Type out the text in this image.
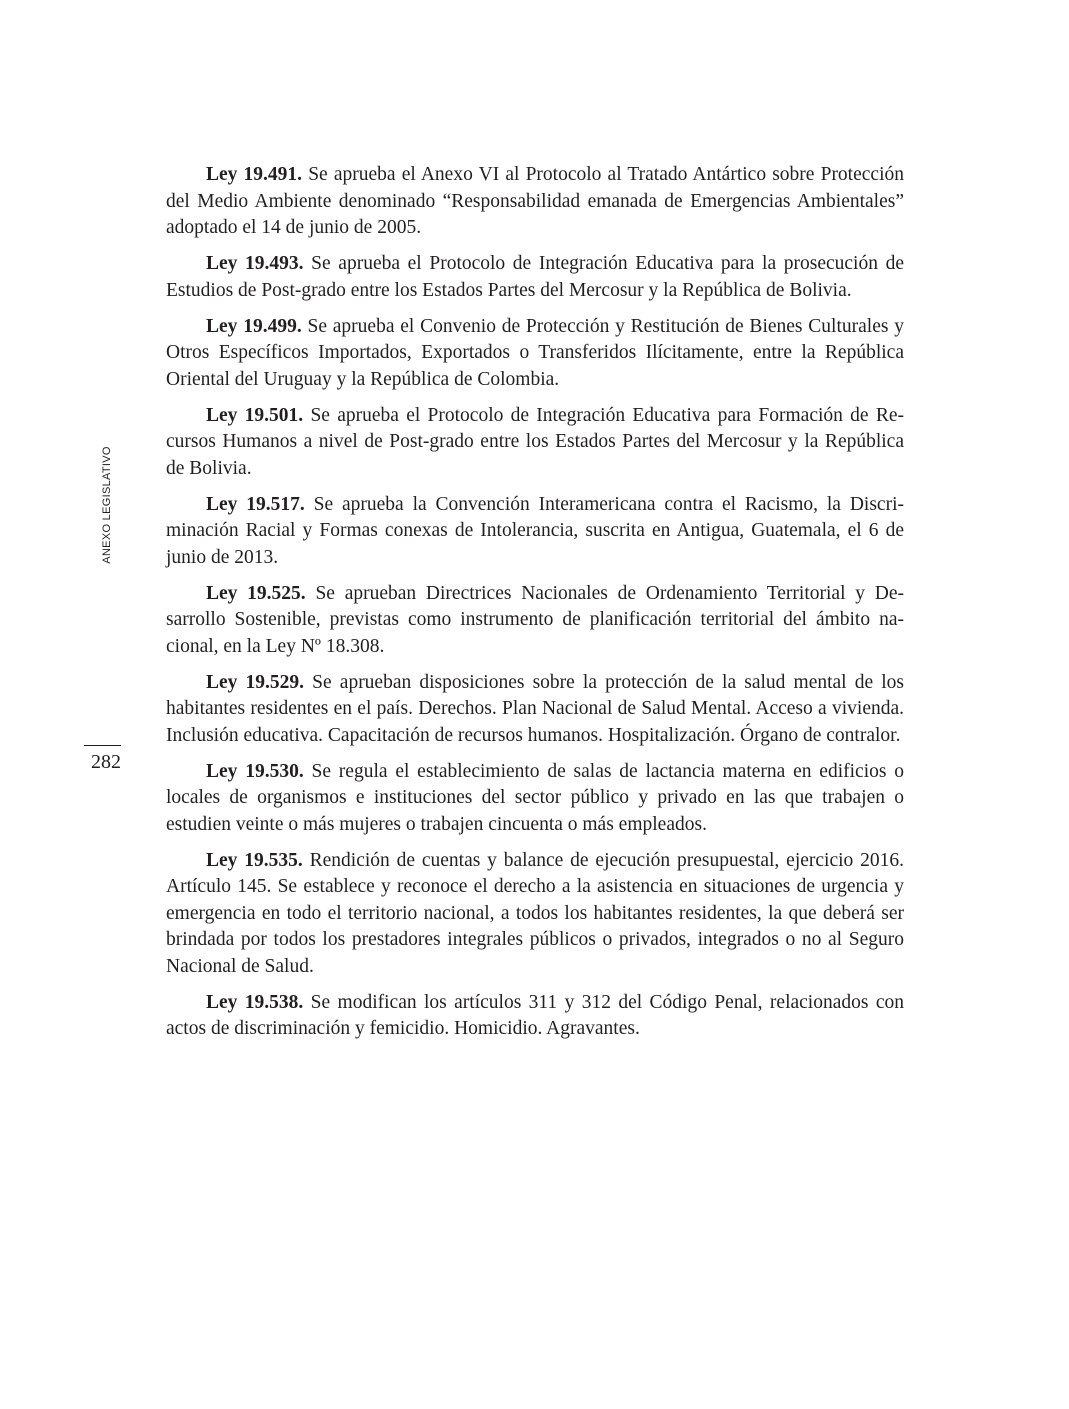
ANEXO LEGISLATIVO
282

Ley 19.491. Se aprueba el Anexo VI al Protocolo al Tratado Antártico sobre Protección del Medio Ambiente denominado “Responsabilidad emanada de Emergencias Ambientales” adoptado el 14 de junio de 2005.

Ley 19.493. Se aprueba el Protocolo de Integración Educativa para la prosecución de Estudios de Post-grado entre los Estados Partes del Mercosur y la República de Bolivia.

Ley 19.499. Se aprueba el Convenio de Protección y Restitución de Bienes Culturales y Otros Específicos Importados, Exportados o Transferidos Ilícitamente, entre la República Oriental del Uruguay y la República de Colombia.

Ley 19.501. Se aprueba el Protocolo de Integración Educativa para Formación de Recursos Humanos a nivel de Post-grado entre los Estados Partes del Mercosur y la República de Bolivia.

Ley 19.517. Se aprueba la Convención Interamericana contra el Racismo, la Discriminación Racial y Formas conexas de Intolerancia, suscrita en Antigua, Guatemala, el 6 de junio de 2013.

Ley 19.525. Se aprueban Directrices Nacionales de Ordenamiento Territorial y Desarrollo Sostenible, previstas como instrumento de planificación territorial del ámbito nacional, en la Ley Nº 18.308.

Ley 19.529. Se aprueban disposiciones sobre la protección de la salud mental de los habitantes residentes en el país. Derechos. Plan Nacional de Salud Mental. Acceso a vivienda. Inclusión educativa. Capacitación de recursos humanos. Hospitalización. Órgano de contralor.

Ley 19.530. Se regula el establecimiento de salas de lactancia materna en edificios o locales de organismos e instituciones del sector público y privado en las que trabajen o estudien veinte o más mujeres o trabajen cincuenta o más empleados.

Ley 19.535. Rendición de cuentas y balance de ejecución presupuestal, ejercicio 2016. Artículo 145. Se establece y reconoce el derecho a la asistencia en situaciones de urgencia y emergencia en todo el territorio nacional, a todos los habitantes residentes, la que deberá ser brindada por todos los prestadores integrales públicos o privados, integrados o no al Seguro Nacional de Salud.

Ley 19.538. Se modifican los artículos 311 y 312 del Código Penal, relacionados con actos de discriminación y femicidio. Homicidio. Agravantes.
